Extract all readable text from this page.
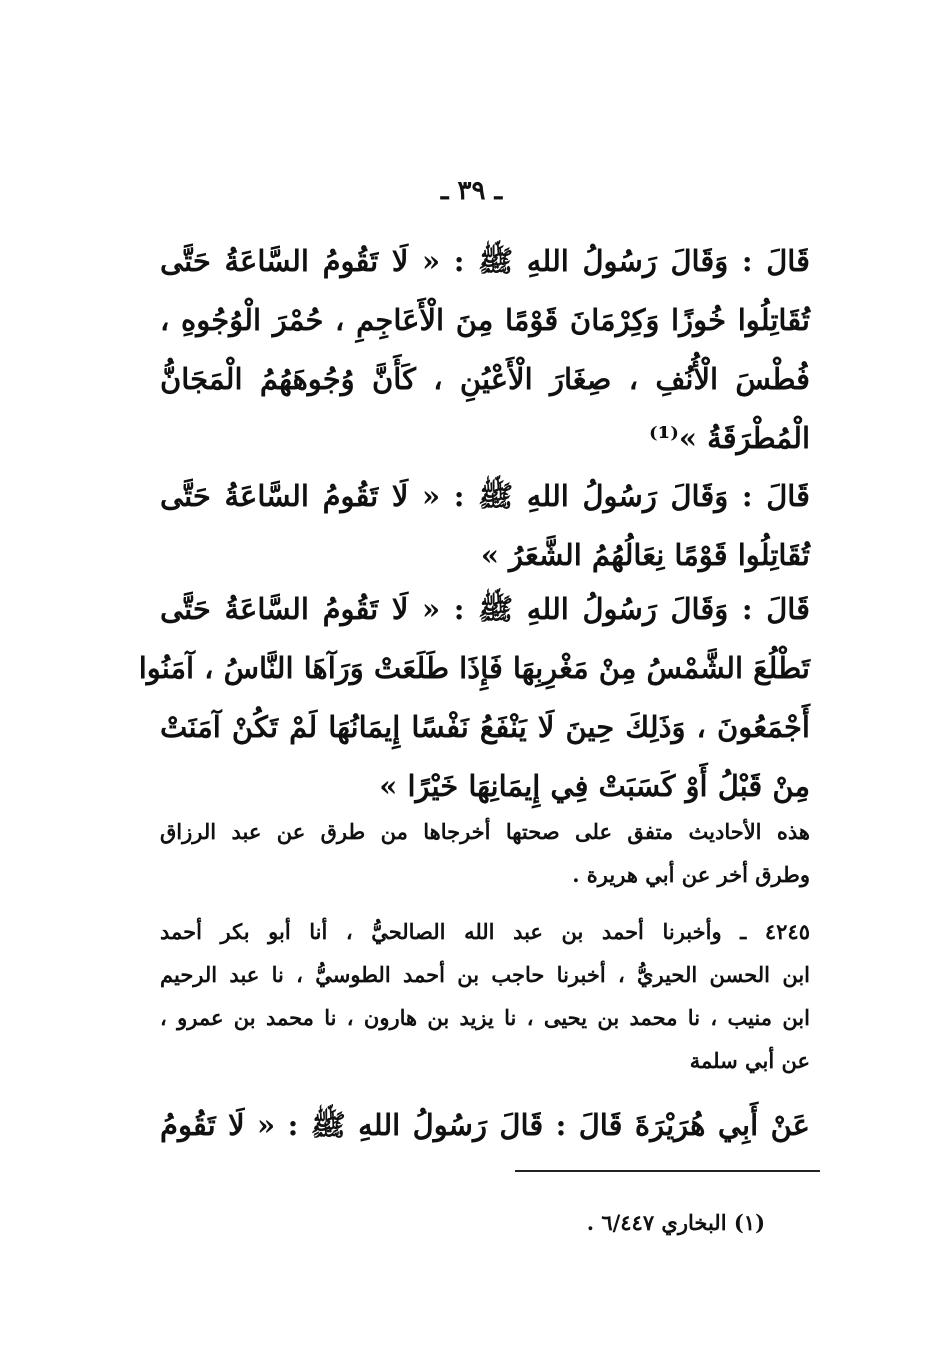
ـ ٣٩ ـ
قَالَ : وَقَالَ رَسُولُ اللهِ ﷺ : « لَا تَقُومُ السَّاعَةُ حَتَّى
تُقَاتِلُوا خُوزًا وَكِرْمَانَ قَوْمًا مِنَ الْأَعَاجِمِ ، حُمْرَ الْوُجُوهِ ،
فُطْسَ الْأُنُفِ ، صِغَارَ الْأَعْيُنِ ، كَأَنَّ وُجُوهَهُمُ الْمَجَانُّ
الْمُطْرَقَةُ »⁽¹⁾
قَالَ : وَقَالَ رَسُولُ اللهِ ﷺ : « لَا تَقُومُ السَّاعَةُ حَتَّى
تُقَاتِلُوا قَوْمًا نِعَالُهُمُ الشَّعَرُ »
قَالَ : وَقَالَ رَسُولُ اللهِ ﷺ : « لَا تَقُومُ السَّاعَةُ حَتَّى
تَطْلُعَ الشَّمْسُ مِنْ مَغْرِبِهَا فَإِذَا طَلَعَتْ وَرَآهَا النَّاسُ ، آمَنُوا
أَجْمَعُونَ ، وَذَلِكَ حِينَ لَا يَنْفَعُ نَفْسًا إِيمَانُهَا لَمْ تَكُنْ آمَنَتْ
مِنْ قَبْلُ أَوْ كَسَبَتْ فِي إِيمَانِهَا خَيْرًا »
هذه الأحاديث متفق على صحتها أخرجاها من طرق عن عبد الرزاق
وطرق أخر عن أبي هريرة .
٤٢٤٥ ـ وأخبرنا أحمد بن عبد الله الصالحيُّ ، أنا أبو بكر أحمد
ابن الحسن الحيريُّ ، أخبرنا حاجب بن أحمد الطوسيُّ ، نا عبد الرحيم
ابن منيب ، نا محمد بن يحيى ، نا يزيد بن هارون ، نا محمد بن عمرو ،
عن أبي سلمة
عَنْ أَبِي هُرَيْرَةَ قَالَ : قَالَ رَسُولُ اللهِ ﷺ : « لَا تَقُومُ
(١) البخاري ٦/٤٤٧ .
